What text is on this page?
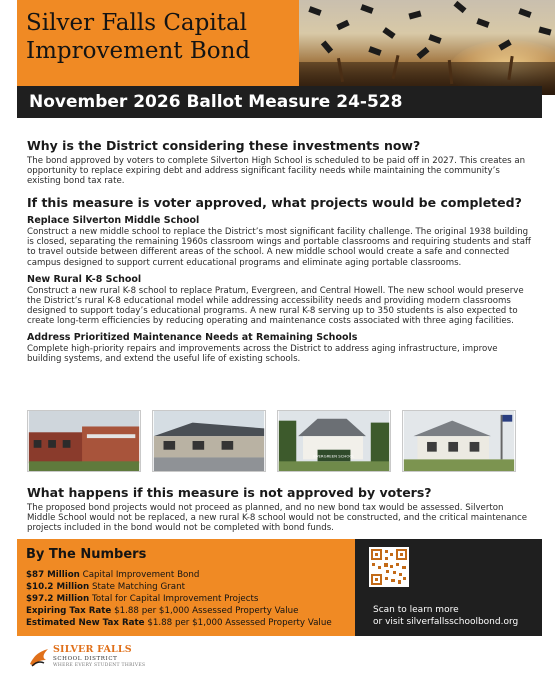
Silver Falls Capital
Improvement Bond
November 2026 Ballot Measure 24-528
Why is the District considering these investments now?

The bond approved by voters to complete Silverton High School is scheduled to be paid off in 2027. This creates an opportunity to replace expiring debt and address significant facility needs while maintaining the community’s existing bond tax rate.

If this measure is voter approved, what projects would be completed?
Replace Silverton Middle School

Construct a new middle school to replace the District’s most significant facility challenge. The original 1938 building is closed, separating the remaining 1960s classroom wings and portable classrooms and requiring students and staff to travel outside between different areas of the school. A new middle school would create a safe and connected campus designed to support current educational programs and eliminate aging portable classrooms.

New Rural K-8 School

Construct a new rural K-8 school to replace Pratum, Evergreen, and Central Howell. The new school would preserve the District’s rural K-8 educational model while addressing accessibility needs and providing modern classrooms designed to support today’s educational programs. A new rural K-8 serving up to 350 students is also expected to create long-term efficiencies by reducing operating and maintenance costs associated with three aging facilities.

Address Prioritized Maintenance Needs at Remaining Schools

Complete high-priority repairs and improvements across the District to address aging infrastructure, improve building systems, and extend the useful life of existing schools.

EVERGREEN SCHOOL
What happens if this measure is not approved by voters?

The proposed bond projects would not proceed as planned, and no new bond tax would be assessed. Silverton Middle School would not be replaced, a new rural K-8 school would not be constructed, and the critical maintenance projects included in the bond would not be completed with bond funds.

By The Numbers
$87 Million Capital Improvement Bond
$10.2 Million State Matching Grant
$97.2 Million Total for Capital Improvement Projects
Expiring Tax Rate $1.88 per $1,000 Assessed Property Value
Estimated New Tax Rate $1.88 per $1,000 Assessed Property Value
Scan to learn more
or visit silverfallsschoolbond.org
SILVER FALLS
SCHOOL DISTRICT
WHERE EVERY STUDENT THRIVES
